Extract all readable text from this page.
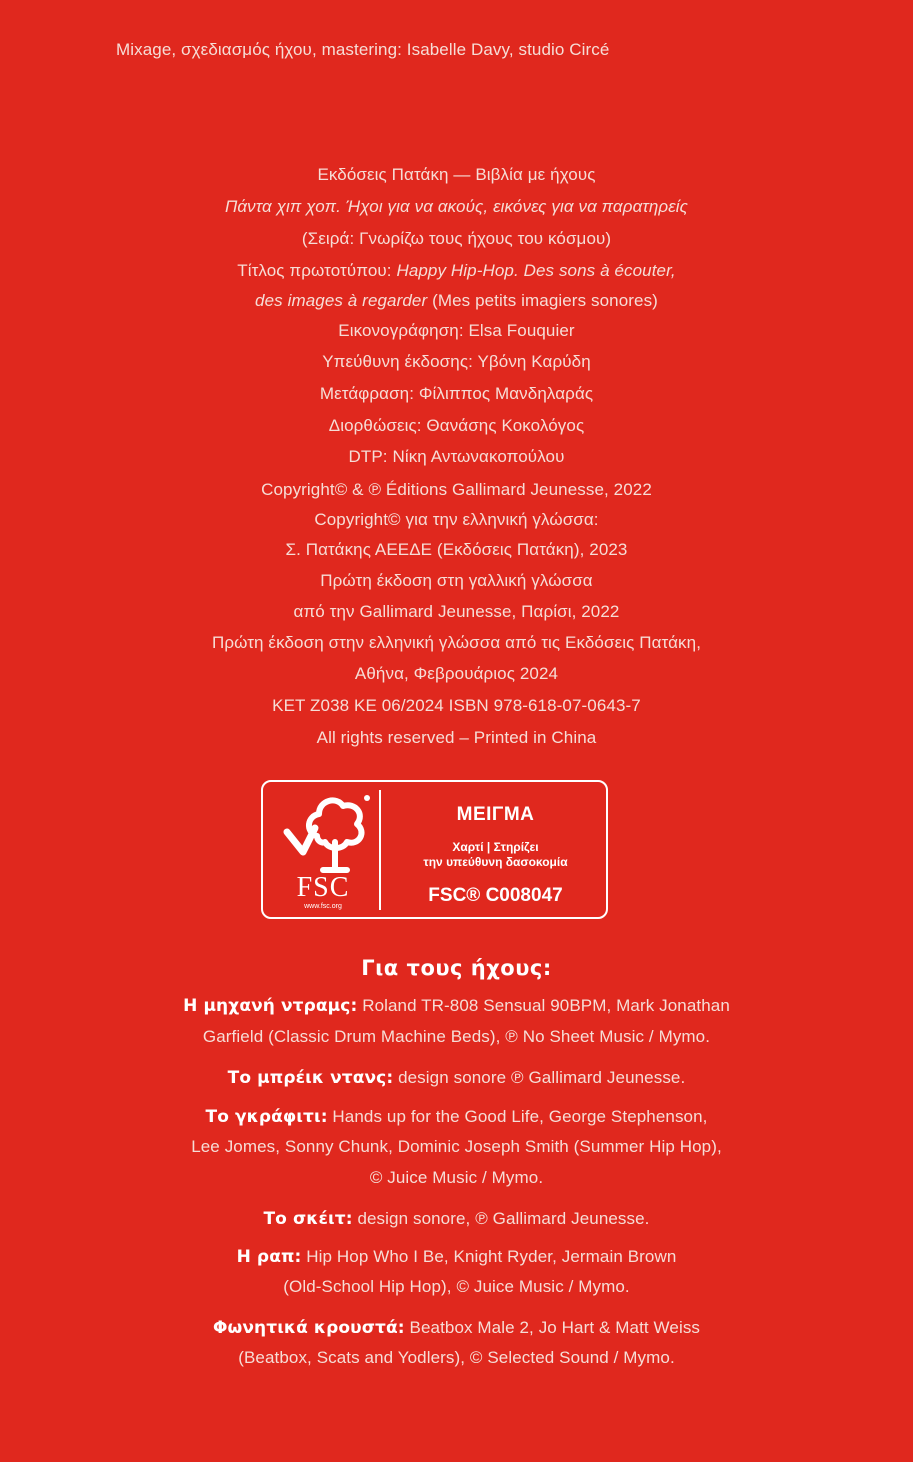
Mixage, σχεδιασμός ήχου, mastering: Isabelle Davy, studio Circé
Εκδόσεις Πατάκη — Βιβλία με ήχους
Πάντα χιπ χοπ. Ήχοι για να ακούς, εικόνες για να παρατηρείς
(Σειρά: Γνωρίζω τους ήχους του κόσμου)
Τίτλος πρωτοτύπου: Happy Hip-Hop. Des sons à écouter,
des images à regarder (Mes petits imagiers sonores)
Εικονογράφηση: Elsa Fouquier
Υπεύθυνη έκδοσης: Υβόνη Καρύδη
Μετάφραση: Φίλιππος Μανδηλαράς
Διορθώσεις: Θανάσης Κοκολόγος
DTP: Νίκη Αντωνακοπούλου
Copyright© & ℗ Éditions Gallimard Jeunesse, 2022
Copyright© για την ελληνική γλώσσα:
Σ. Πατάκης ΑΕΕΔΕ (Εκδόσεις Πατάκη), 2023
Πρώτη έκδοση στη γαλλική γλώσσα
από την Gallimard Jeunesse, Παρίσι, 2022
Πρώτη έκδοση στην ελληνική γλώσσα από τις Εκδόσεις Πατάκη,
Αθήνα, Φεβρουάριος 2024
ΚΕΤ Ζ038 ΚΕ 06/2024 ISBN 978-618-07-0643-7
All rights reserved – Printed in China
FSC
www.fsc.org
ΜΕΙΓΜΑ
Χαρτί | Στηρίζει
την υπεύθυνη δασοκομία
FSC® C008047
Για τους ήχους:
Η μηχανή ντραμς: Roland TR-808 Sensual 90BPM, Mark Jonathan
Garfield (Classic Drum Machine Beds), ℗ No Sheet Music / Mymo.
Το μπρέικ ντανς: design sonore ℗ Gallimard Jeunesse.
Το γκράφιτι: Hands up for the Good Life, George Stephenson,
Lee Jomes, Sonny Chunk, Dominic Joseph Smith (Summer Hip Hop),
© Juice Music / Mymo.
Το σκέιτ: design sonore, ℗ Gallimard Jeunesse.
Η ραπ: Hip Hop Who I Be, Knight Ryder, Jermain Brown
(Old-School Hip Hop), © Juice Music / Mymo.
Φωνητικά κρουστά: Beatbox Male 2, Jo Hart & Matt Weiss
(Beatbox, Scats and Yodlers), © Selected Sound / Mymo.
